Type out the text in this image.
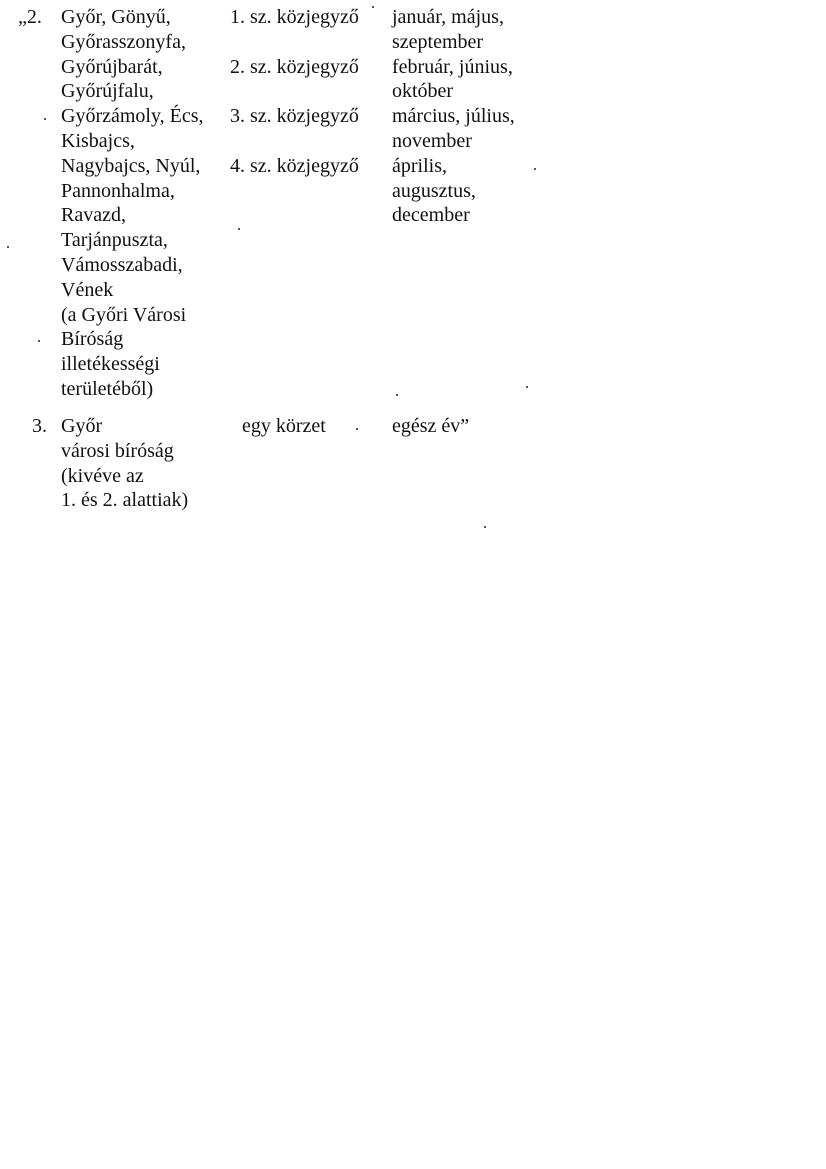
„2. Győr, Gönyű,
Győrasszonyfa,
Győrújbarát,
Győrújfalu,
Győrzámoly, Écs,
Kisbajcs,
Nagybajcs, Nyúl,
Pannonhalma,
Ravazd,
Tarjánpuszta,
Vámosszabadi,
Vének
(a Győri Városi
Bíróság
illetékességi
területéből)
1. sz. közjegyző

2. sz. közjegyző

3. sz. közjegyző

4. sz. közjegyző
január, május,
szeptember
február, június,
október
március, július,
november
április,
augusztus,
december
3. Győr
városi bíróság
(kivéve az
1. és 2. alattiak)
egy körzet	egész év”
